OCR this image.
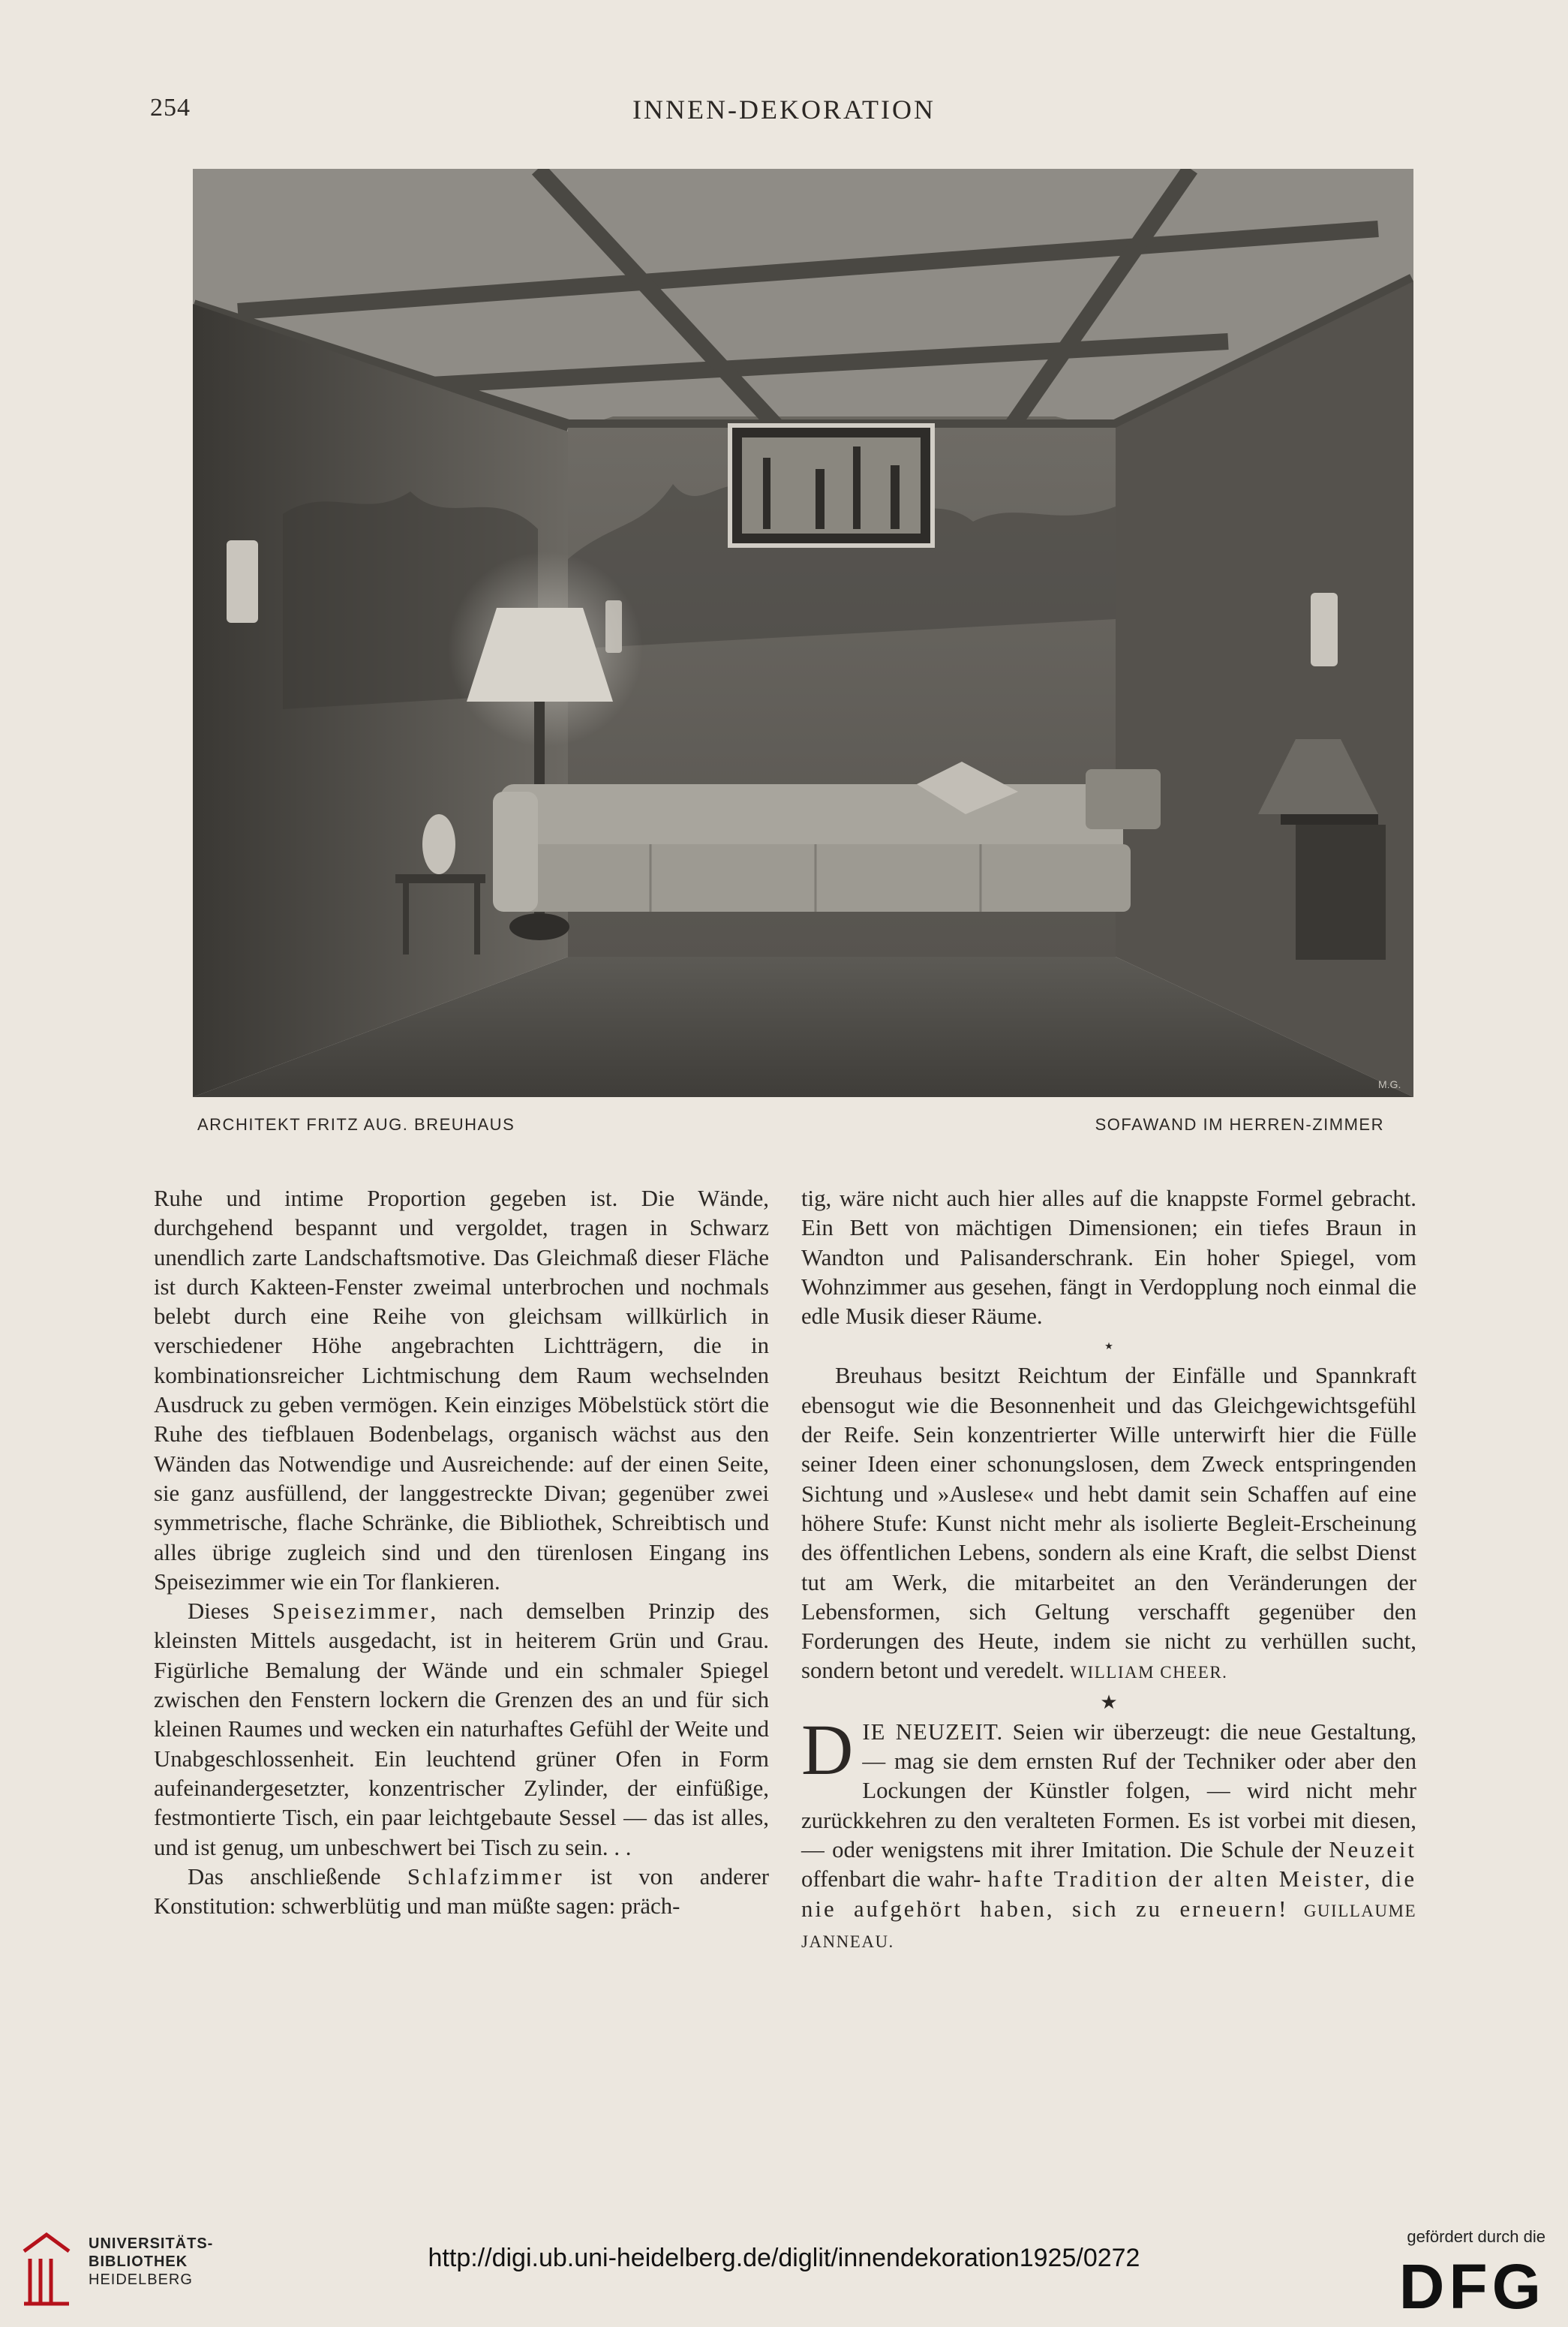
254	INNEN-DEKORATION
M.G.
ARCHITEKT FRITZ AUG. BREUHAUS	SOFAWAND IM HERREN-ZIMMER

Ruhe und intime Proportion gegeben ist. Die Wände, durchgehend bespannt und vergoldet, tragen in Schwarz unendlich zarte Landschaftsmotive. Das Gleichmaß dieser Fläche ist durch Kakteen-Fenster zweimal unterbrochen und nochmals belebt durch eine Reihe von gleichsam willkürlich in verschiedener Höhe angebrachten Lichtträgern, die in kombinationsreicher Lichtmischung dem Raum wechselnden Ausdruck zu geben vermögen. Kein einziges Möbelstück stört die Ruhe des tiefblauen Bodenbelags, organisch wächst aus den Wänden das Notwendige und Ausreichende: auf der einen Seite, sie ganz ausfüllend, der langgestreckte Divan; gegenüber zwei symmetrische, flache Schränke, die Bibliothek, Schreibtisch und alles übrige zugleich sind und den türenlosen Eingang ins Speisezimmer wie ein Tor flankieren.

Dieses Speisezimmer, nach demselben Prinzip des kleinsten Mittels ausgedacht, ist in heiterem Grün und Grau. Figürliche Bemalung der Wände und ein schmaler Spiegel zwischen den Fenstern lockern die Grenzen des an und für sich kleinen Raumes und wecken ein naturhaftes Gefühl der Weite und Unabgeschlossenheit. Ein leuchtend grüner Ofen in Form aufeinandergesetzter, konzentrischer Zylinder, der einfüßige, festmontierte Tisch, ein paar leichtgebaute Sessel — das ist alles, und ist genug, um unbeschwert bei Tisch zu sein. . .

Das anschließende Schlafzimmer ist von anderer Konstitution: schwerblütig und man müßte sagen: präch-

tig, wäre nicht auch hier alles auf die knappste Formel gebracht. Ein Bett von mächtigen Dimensionen; ein tiefes Braun in Wandton und Palisanderschrank. Ein hoher Spiegel, vom Wohnzimmer aus gesehen, fängt in Verdopplung noch einmal die edle Musik dieser Räume.

⋆

Breuhaus besitzt Reichtum der Einfälle und Spannkraft ebensogut wie die Besonnenheit und das Gleichgewichtsgefühl der Reife. Sein konzentrierter Wille unterwirft hier die Fülle seiner Ideen einer schonungslosen, dem Zweck entspringenden Sichtung und »Auslese« und hebt damit sein Schaffen auf eine höhere Stufe: Kunst nicht mehr als isolierte Begleit-Erscheinung des öffentlichen Lebens, sondern als eine Kraft, die selbst Dienst tut am Werk, die mitarbeitet an den Veränderungen der Lebensformen, sich Geltung verschafft gegenüber den Forderungen des Heute, indem sie nicht zu verhüllen sucht, sondern betont und veredelt. WILLIAM CHEER.

★

DIE NEUZEIT. Seien wir überzeugt: die neue Gestaltung, — mag sie dem ernsten Ruf der Techniker oder aber den Lockungen der Künstler folgen, — wird nicht mehr zurückkehren zu den veralteten Formen. Es ist vorbei mit diesen, — oder wenigstens mit ihrer Imitation. Die Schule der Neuzeit offenbart die wahr- hafte Tradition der alten Meister, die nie aufgehört haben, sich zu erneuern! GUILLAUME JANNEAU.

UNIVERSITÄTS-
BIBLIOTHEK
HEIDELBERG
http://digi.ub.uni-heidelberg.de/diglit/innendekoration1925/0272
gefördert durch die
DFG
